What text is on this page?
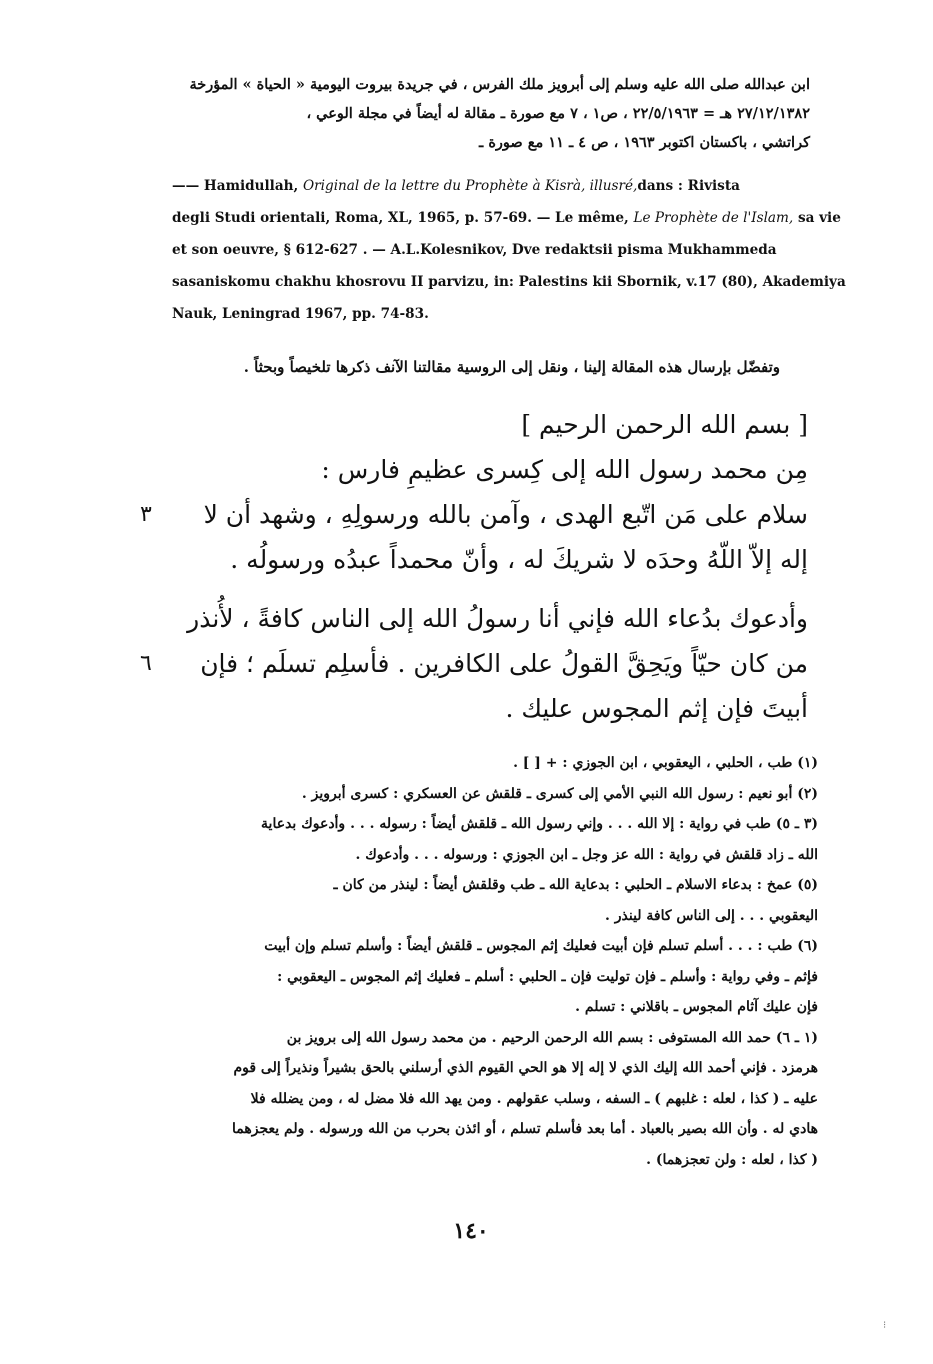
ابن عبدالله صلى الله عليه وسلم إلى أبرويز ملك الفرس ، في جريدة بيروت اليومية « الحياة » المؤرخة
٢٧/١٢/١٣٨٢ هـ = ٢٢/٥/١٩٦٣ ، ص١ ، ٧ مع صورة ـ مقالة له أيضاً في مجلة الوعي ،
كراتشي ، باكستان اكتوبر ١٩٦٣ ، ص ٤ ـ ١١ مع صورة ـ
—— Hamidullah, Original de la lettre du Prophète à Kisrà, illusré,dans : Rivista
degli Studi orientali, Roma, XL, 1965, p. 57-69. — Le même, Le Prophète de l'Islam, sa vie
et son oeuvre, § 612-627 . — A.L.Kolesnikov, Dve redaktsii pisma Mukhammeda
sasaniskomu chakhu khosrovu II parvizu, in: Palestins kii Sbornik, v.17 (80), Akademiya
Nauk, Leningrad 1967, pp. 74-83.
وتفضّل بإرسال هذه المقالة إلينا ، ونقل إلى الروسية مقالتنا الآنف ذكرها تلخيصاً وبحثاً .
[ بسم الله الرحمن الرحيم ]
مِن محمد رسول الله إلى كِسرى عظيمِ فارس :
سلام على مَن اتّبع الهدى ، وآمن بالله ورسولِهِ ، وشهد أن لا
٣
إله إلاّ اللّهُ وحدَه لا شريكَ له ، وأنّ محمداً عبدُه ورسولُه .
وأدعوك بدُعاء الله فإني أنا رسولُ الله إلى الناس كافةً ، لأُنذر
من كان حيّاً ويَحِقَّ القولُ على الكافرين . فأسلِم تسلَم ؛ فإن
٦
أبيتَ فإن إثم المجوس عليك .
(١) طب ، الحلبي ، اليعقوبي ، ابن الجوزي : + [ ] .
(٢) أبو نعيم : رسول الله النبي الأمي إلى كسرى ـ قلقش عن العسكري : كسرى أبرويز .
(٣ ـ ٥) طب في رواية : إلا الله . . . وإني رسول الله ـ قلقش أيضاً : رسوله . . . وأدعوك بدعاية
الله ـ زاد قلقش في رواية : الله عز وجل ـ ابن الجوزي : ورسوله . . . وأدعوك .
(٥) عمخ : بدعاء الاسلام ـ الحلبي : بدعاية الله ـ طب وقلقش أيضاً : لينذر من كان ـ
اليعقوبي . . . إلى الناس كافة لينذر .
(٦) طب : . . . أسلم تسلم فإن أبيت فعليك إثم المجوس ـ قلقش أيضاً : وأسلم تسلم وإن أبيت
فإثم ـ وفي رواية : وأسلم ـ فإن توليت فإن ـ الحلبي : أسلم ـ فعليك إثم المجوس ـ اليعقوبي :
فإن عليك آثام المجوس ـ باقلاني : تسلم .
(١ ـ ٦) حمد الله المستوفى : بسم الله الرحمن الرحيم . من محمد رسول الله إلى برويز بن
هرمزد . فإني أحمد الله إليك الذي لا إله إلا هو الحي القيوم الذي أرسلني بالحق بشيراً ونذيراً إلى قوم
عليه ـ ( كذا ، لعله : غلبهم ) ـ السفه ، وسلب عقولهم . ومن يهد الله فلا مضل له ، ومن يضلله فلا
هادي له . وأن الله بصير بالعباد . أما بعد فأسلم تسلم ، أو ائذن بحرب من الله ورسوله . ولم يعجزهما
( كذا ، لعله : ولن تعجزهما) .
١٤٠
⁝
